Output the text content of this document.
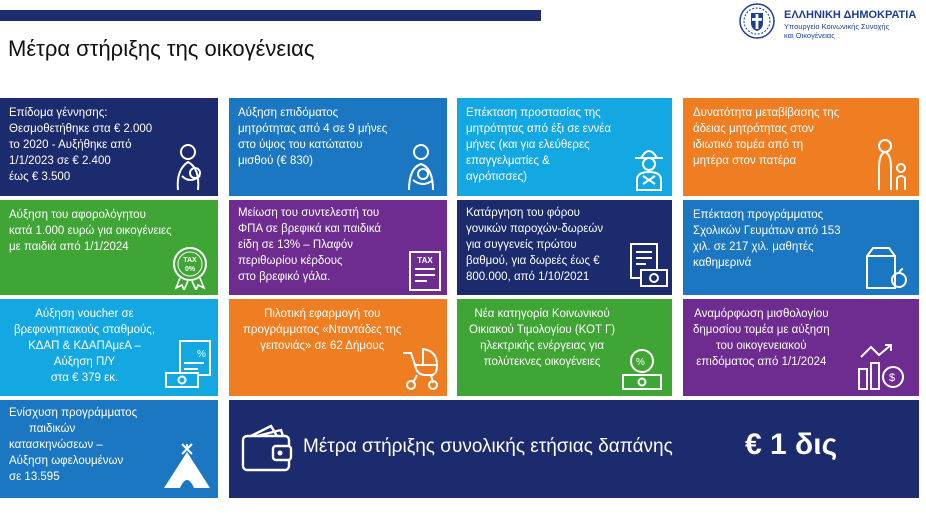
Μέτρα στήριξης της οικογένειας
ΕΛΛΗΝΙΚΗ ΔΗΜΟΚΡΑΤΙΑ
Υπουργείο Κοινωνικής Συνοχής
και Οικογένειας
Επίδομα γέννησης:
Θεσμοθετήθηκε στα € 2.000
το 2020 - Αυξήθηκε από
1/1/2023 σε € 2.400
έως € 3.500
Αύξηση επιδόματος
μητρότητας από 4 σε 9 μήνες
στο ύψος του κατώτατου
μισθού (€ 830)
Επέκταση προστασίας της
μητρότητας από έξι σε εννέα
μήνες (και για ελεύθερες
επαγγελματίες &
αγρότισσες)
Δυνατότητα μεταβίβασης της
άδειας μητρότητας στον
ιδιωτικό τομέα από τη
μητέρα στον πατέρα
Αύξηση του αφορολόγητου
κατά 1.000 ευρώ για οικογένειες
με παιδιά από 1/1/2024
TAX
0%
Μείωση του συντελεστή του
ΦΠΑ σε βρεφικά και παιδικά
είδη σε 13% – Πλαφόν
περιθωρίου κέρδους
στο βρεφικό γάλα.
TAX
Κατάργηση του φόρου
γονικών παροχών-δωρεών
για συγγενείς πρώτου
βαθμού, για δωρεές έως €
800.000, από 1/10/2021
Επέκταση προγράμματος
Σχολικών Γευμάτων από 153
χιλ. σε 217 χιλ. μαθητές
καθημερινά
Αύξηση voucher σε
βρεφονηπιακούς σταθμούς,
ΚΔΑΠ & ΚΔΑΠΑμεΑ –
Αύξηση Π/Υ
στα € 379 εκ.
%
Πιλοτική εφαρμογή του
προγράμματος «Νταντάδες της
γειτονιάς» σε 62 Δήμους
Νέα κατηγορία Κοινωνικού
Οικιακού Τιμολογίου (ΚΟΤ Γ)
ηλεκτρικής ενέργειας για
πολύτεκνες οικογένειες	%
Αναμόρφωση μισθολογίου
δημοσίου τομέα με αύξηση
του οικογενειακού
επιδόματος από 1/1/2024
$
Ενίσχυση προγράμματος
παιδικών
κατασκηνώσεων –
Αύξηση ωφελουμένων
σε 13.595
Μέτρα στήριξης συνολικής ετήσιας δαπάνης € 1 δις
